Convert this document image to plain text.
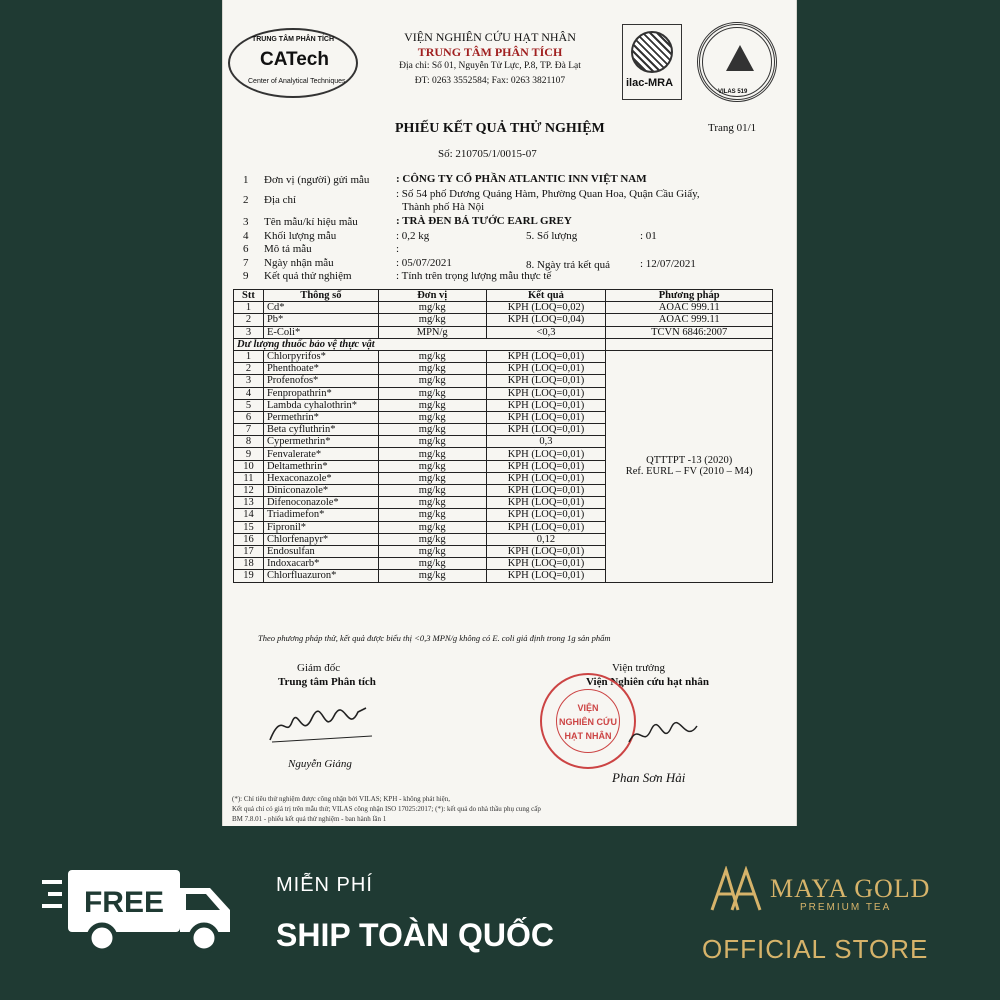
TRUNG TÂM PHÂN TÍCH
CATech
Center of Analytical Techniques
VIỆN NGHIÊN CỨU HẠT NHÂN
TRUNG TÂM PHÂN TÍCH
Địa chỉ: Số 01, Nguyễn Tử Lực, P.8, TP. Đà Lạt
ĐT: 0263 3552584; Fax: 0263 3821107	ilac-MRA
VILAS 519
PHIẾU KẾT QUẢ THỬ NGHIỆM	Trang 01/1
Số: 210705/1/0015-07
1 Đơn vị (người) gửi mẫu : CÔNG TY CỔ PHẦN ATLANTIC INN VIỆT NAM
2 Địa chỉ	: Số 54 phố Dương Quảng Hàm, Phường Quan Hoa, Quận Cầu Giấy,
Thành phố Hà Nội
3 Tên mẫu/kí hiệu mẫu	: TRÀ ĐEN BÁ TƯỚC EARL GREY
4 Khối lượng mẫu	: 0,2 kg	5. Số lượng	: 01
6 Mô tả mẫu	:
7 Ngày nhận mẫu	: 05/07/2021	8. Ngày trả kết quả	: 12/07/2021
9 Kết quả thử nghiệm	: Tính trên trọng lượng mẫu thực tế
Stt	Thông số	Đơn vị	Kết quả	Phương pháp
1	Cd*	mg/kg	KPH (LOQ=0,02)	AOAC 999.11
2	Pb*	mg/kg	KPH (LOQ=0,04)	AOAC 999.11
3	E-Coli*	MPN/g	<0,3	TCVN 6846:2007
Dư lượng thuốc bảo vệ thực vật				
1	Chlorpyrifos*	mg/kg	KPH (LOQ=0,01)	QTTTPT -13 (2020)
Ref. EURL – FV (2010 – M4)

2	Phenthoate*	mg/kg	KPH (LOQ=0,01)	
3	Profenofos*	mg/kg	KPH (LOQ=0,01)	
4	Fenpropathrin*	mg/kg	KPH (LOQ=0,01)	
5	Lambda cyhalothrin*	mg/kg	KPH (LOQ=0,01)	
6	Permethrin*	mg/kg	KPH (LOQ=0,01)	
7	Beta cyfluthrin*	mg/kg	KPH (LOQ=0,01)	
8	Cypermethrin*	mg/kg	0,3	
9	Fenvalerate*	mg/kg	KPH (LOQ=0,01)	
10	Deltamethrin*	mg/kg	KPH (LOQ=0,01)	
11	Hexaconazole*	mg/kg	KPH (LOQ=0,01)	
12	Diniconazole*	mg/kg	KPH (LOQ=0,01)	
13	Difenoconazole*	mg/kg	KPH (LOQ=0,01)	
14	Triadimefon*	mg/kg	KPH (LOQ=0,01)	
15	Fipronil*	mg/kg	KPH (LOQ=0,01)	
16	Chlorfenapyr*	mg/kg	0,12	
17	Endosulfan	mg/kg	KPH (LOQ=0,01)	
18	Indoxacarb*	mg/kg	KPH (LOQ=0,01)	
19	Chlorfluazuron*	mg/kg	KPH (LOQ=0,01)	
Theo phương pháp thử, kết quả được biểu thị <0,3 MPN/g không có E. coli giả định trong 1g sản phẩm
Giám đốc
Trung tâm Phân tích
Viện trưởng
Viện Nghiên cứu hạt nhân
Nguyễn Giảng
Phan Sơn Hải
VIỆN
NGHIÊN CỨU
HẠT NHÂN
(*): Chỉ tiêu thử nghiệm được công nhận bởi VILAS; KPH - không phát hiện,
Kết quả chỉ có giá trị trên mẫu thử; VILAS công nhận ISO 17025:2017; (*): kết quả do nhà thầu phụ cung cấp
BM 7.8.01 - phiếu kết quả thử nghiệm - ban hành lần 1
FREE
MIỄN PHÍ
SHIP TOÀN QUỐC
MAYA GOLD
PREMIUM TEA
OFFICIAL STORE
